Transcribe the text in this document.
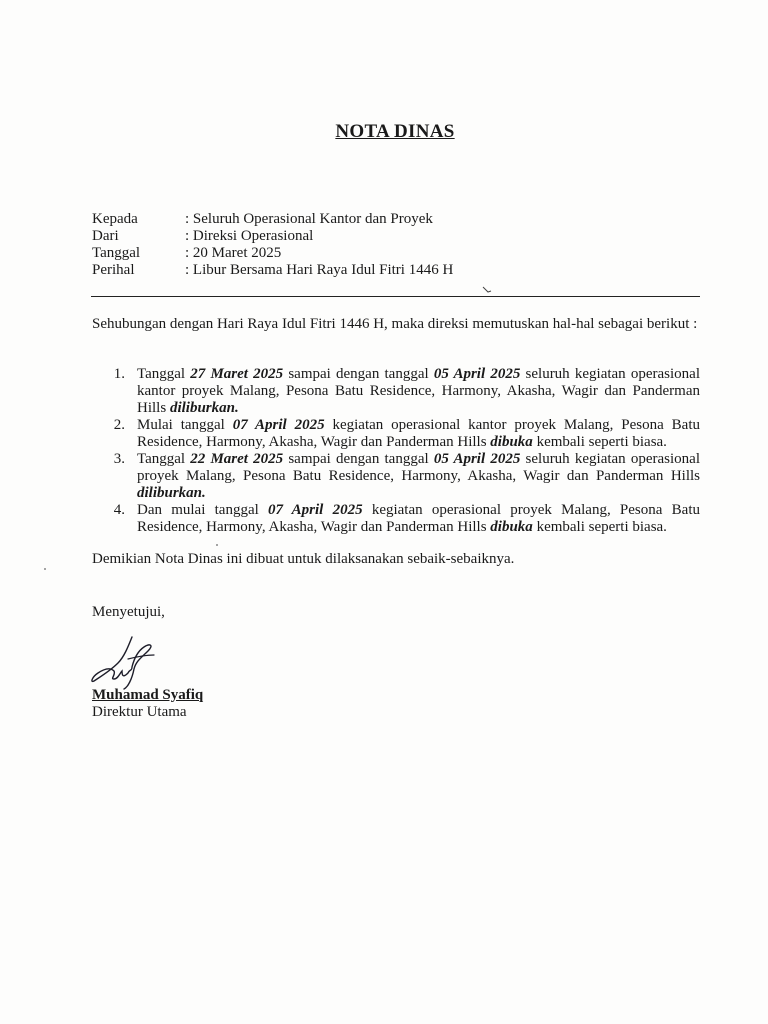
NOTA DINAS
Kepada	: Seluruh Operasional Kantor dan Proyek
Dari	: Direksi Operasional
Tanggal	: 20 Maret 2025
Perihal	: Libur Bersama Hari Raya Idul Fitri 1446 H
Sehubungan dengan Hari Raya Idul Fitri 1446 H, maka direksi memutuskan hal-hal sebagai berikut :
1. Tanggal 27 Maret 2025 sampai dengan tanggal 05 April 2025 seluruh kegiatan operasional kantor proyek Malang, Pesona Batu Residence, Harmony, Akasha, Wagir dan Panderman Hills diliburkan.
2. Mulai tanggal 07 April 2025 kegiatan operasional kantor proyek Malang, Pesona Batu Residence, Harmony, Akasha, Wagir dan Panderman Hills dibuka kembali seperti biasa.
3. Tanggal 22 Maret 2025 sampai dengan tanggal 05 April 2025 seluruh kegiatan operasional proyek Malang, Pesona Batu Residence, Harmony, Akasha, Wagir dan Panderman Hills diliburkan.
4. Dan mulai tanggal 07 April 2025 kegiatan operasional proyek Malang, Pesona Batu Residence, Harmony, Akasha, Wagir dan Panderman Hills dibuka kembali seperti biasa.
Demikian Nota Dinas ini dibuat untuk dilaksanakan sebaik-sebaiknya.
Menyetujui,
Muhamad Syafiq
Direktur Utama
